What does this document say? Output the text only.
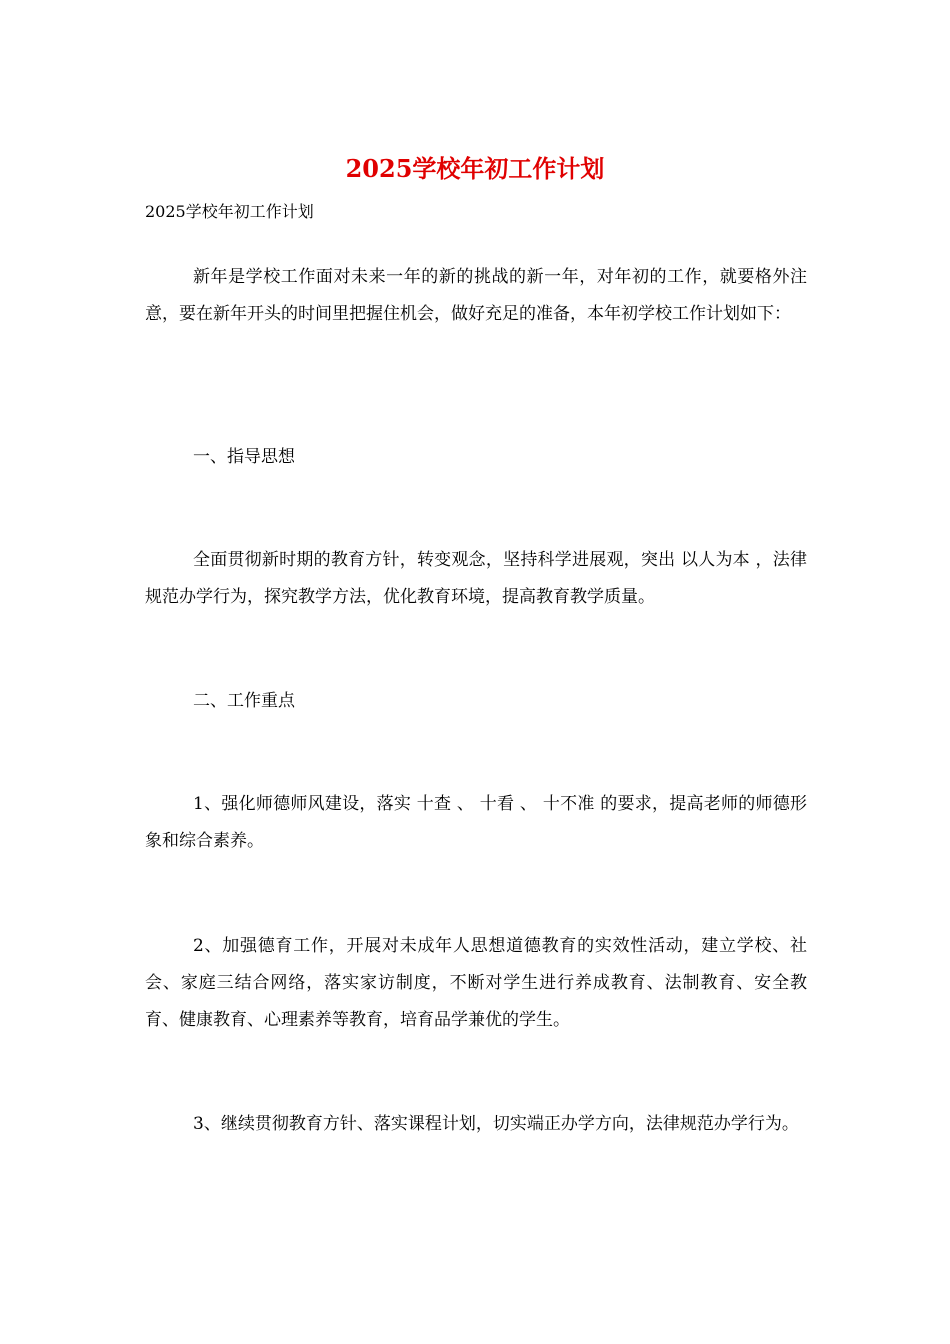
2025学校年初工作计划
2025学校年初工作计划

新年是学校工作面对未来一年的新的挑战的新一年，对年初的工作，就要格外注意，要在新年开头的时间里把握住机会，做好充足的准备，本年初学校工作计划如下：

一、指导思想

全面贯彻新时期的教育方针，转变观念，坚持科学进展观，突出 以人为本 ，法律规范办学行为，探究教学方法，优化教育环境，提高教育教学质量。

二、工作重点

1、强化师德师风建设，落实 十查 、 十看 、 十不准 的要求，提高老师的师德形象和综合素养。

2、加强德育工作，开展对未成年人思想道德教育的实效性活动，建立学校、社会、家庭三结合网络，落实家访制度，不断对学生进行养成教育、法制教育、安全教育、健康教育、心理素养等教育，培育品学兼优的学生。

3、继续贯彻教育方针、落实课程计划，切实端正办学方向，法律规范办学行为。
